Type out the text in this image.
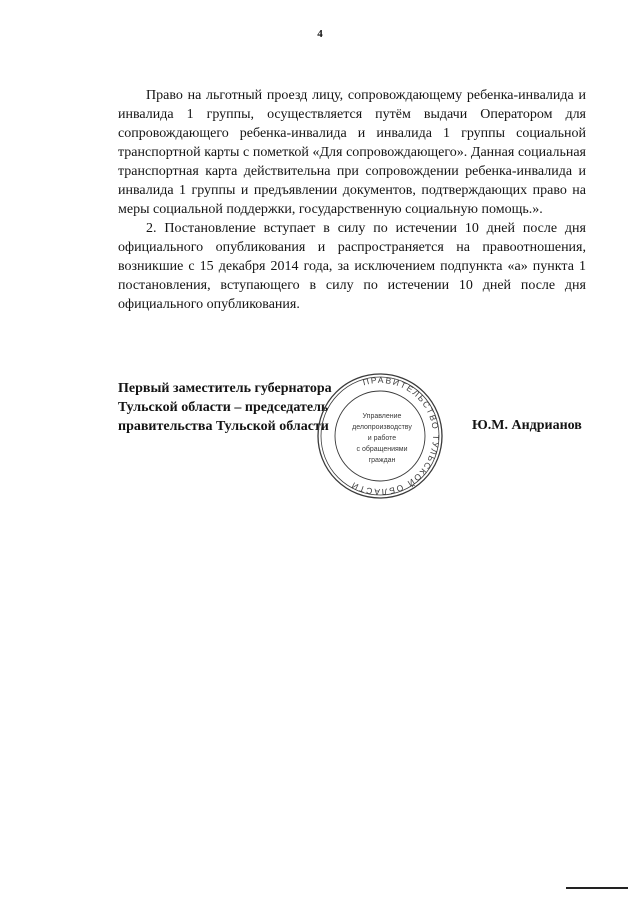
4

Право на льготный проезд лицу, сопровождающему ребенка-инвалида и инвалида 1 группы, осуществляется путём выдачи Оператором для сопровождающего ребенка-инвалида и инвалида 1 группы социальной транспортной карты с пометкой «Для сопровождающего». Данная социальная транспортная карта действительна при сопровождении ребенка-инвалида и инвалида 1 группы и предъявлении документов, подтверждающих право на меры социальной поддержки, государственную социальную помощь.».

2. Постановление вступает в силу по истечении 10 дней после дня официального опубликования и распространяется на правоотношения, возникшие с 15 декабря 2014 года, за исключением подпункта «а» пункта 1 постановления, вступающего в силу по истечении 10 дней после дня официального опубликования.

Первый заместитель губернатора
Тульской области – председатель
правительства Тульской области
ПРАВИТЕЛЬСТВО ТУЛЬСКОЙ ОБЛАСТИ
Управление
делопроизводству
и работе
с обращениями
граждан
Ю.М. Андрианов
